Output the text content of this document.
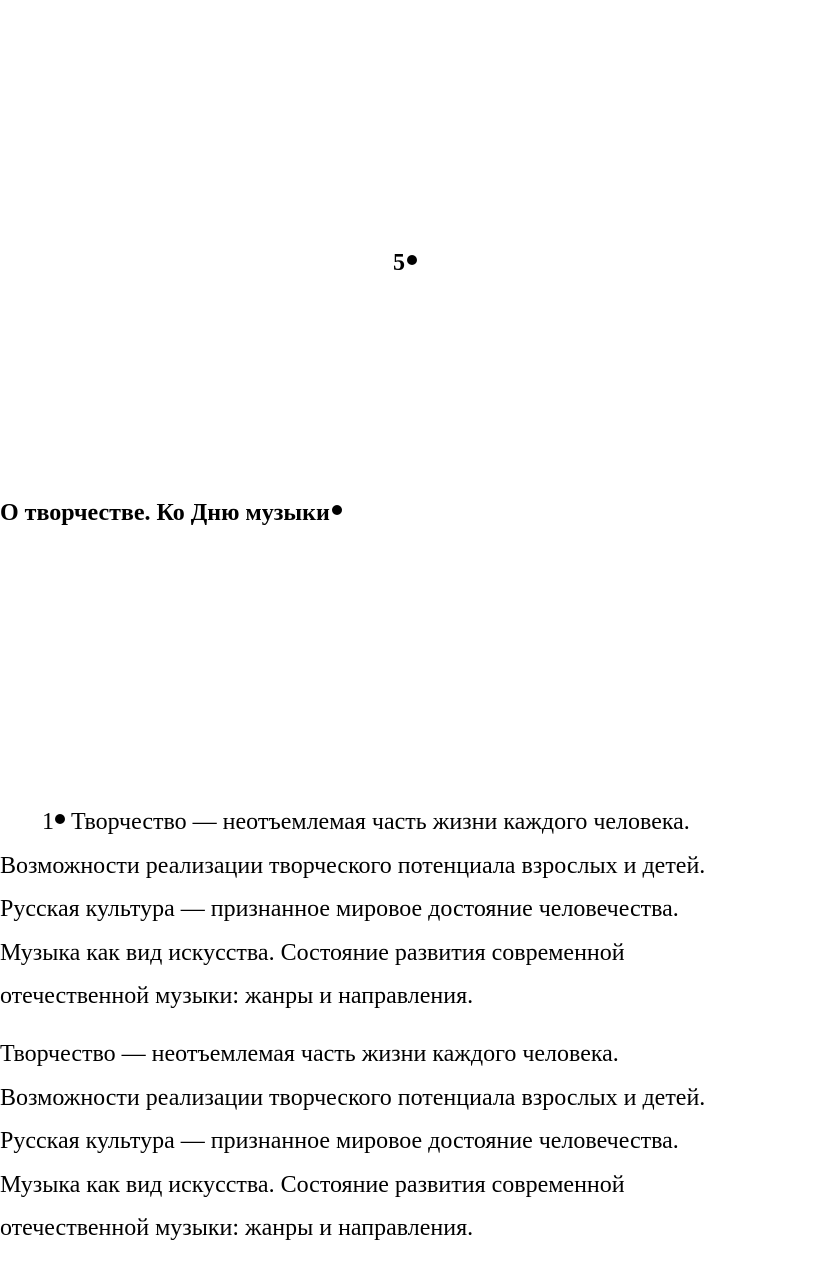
5
О творчестве. Ко Дню музыки
1 Творчество — неотъемлемая часть жизни каждого человека.
Возможности реализации творческого потенциала взрослых и детей.
Русская культура — признанное мировое достояние человечества.
Музыка как вид искусства. Состояние развития современной
отечественной музыки: жанры и направления.
Творчество — неотъемлемая часть жизни каждого человека.
Возможности реализации творческого потенциала взрослых и детей.
Русская культура — признанное мировое достояние человечества.
Музыка как вид искусства. Состояние развития современной
отечественной музыки: жанры и направления.
